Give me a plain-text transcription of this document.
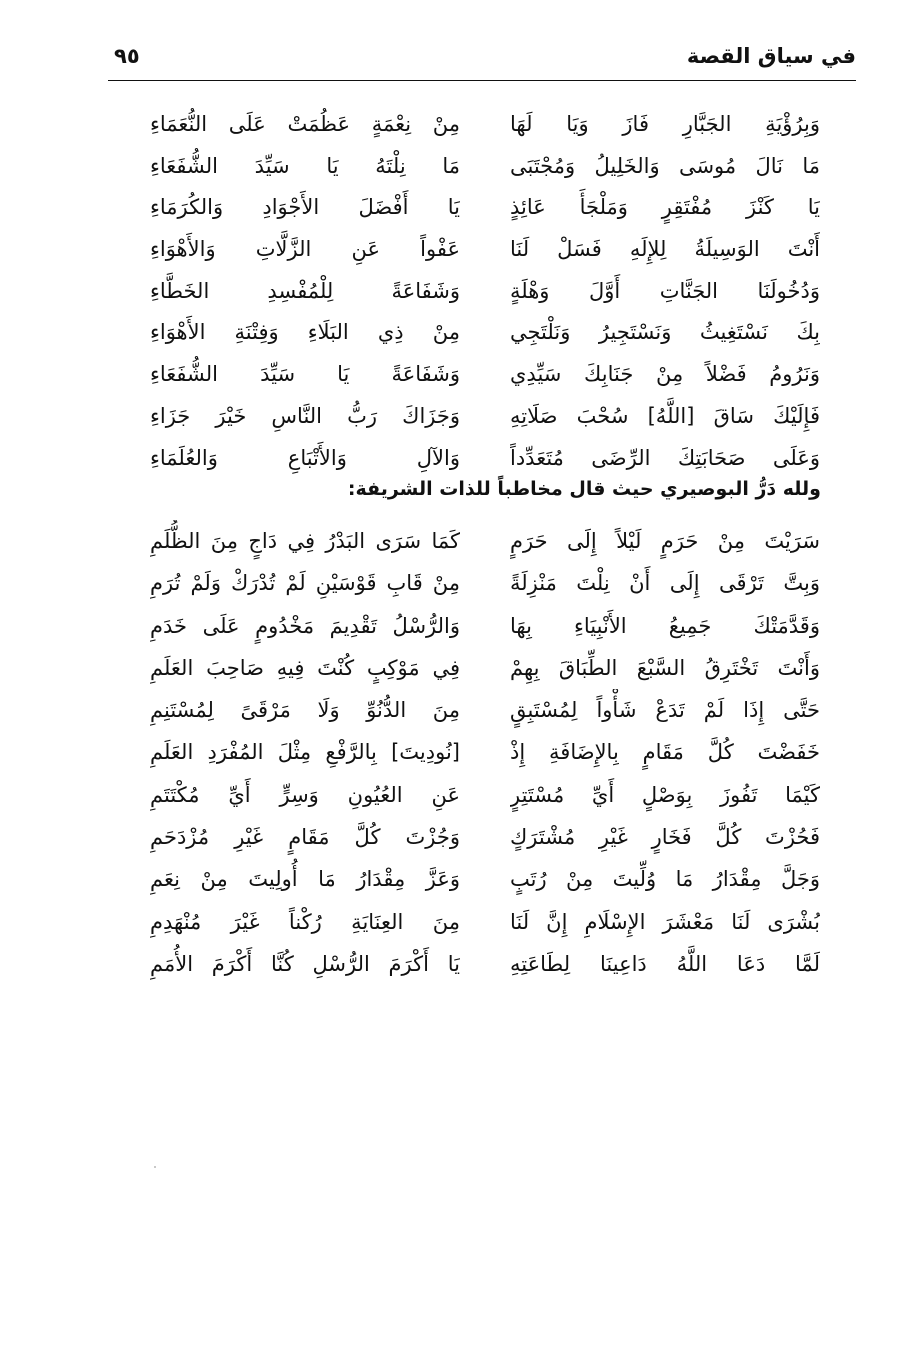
في سياق القصة
٩٥
وَبِرُؤْيَةِ الجَبَّارِ فَازَ وَيَا لَهَا
مِنْ نِعْمَةٍ عَظُمَتْ عَلَى النُّعَمَاءِ
مَا نَالَ مُوسَى وَالخَلِيلُ وَمُجْتَبَى
مَا نِلْتَهُ يَا سَيِّدَ الشُّفَعَاءِ
يَا كَنْزَ مُفْتَقِرٍ وَمَلْجَأَ عَائِذٍ
يَا أَفْضَلَ الأَجْوَادِ وَالكُرَمَاءِ
أَنْتَ الوَسِيلَةُ لِلإِلَهِ فَسَلْ لَنَا
عَفْواً عَنِ الزَّلَّاتِ وَالأَهْوَاءِ
وَدُخُولَنَا الجَنَّاتِ أَوَّلَ وَهْلَةٍ
وَشَفَاعَةً لِلْمُفْسِدِ الخَطَّاءِ
بِكَ نَسْتَغِيثُ وَنَسْتَجِيرُ وَنَلْتَجِي
مِنْ ذِي البَلَاءِ وَفِتْنَةِ الأَهْوَاءِ
وَنَرُومُ فَضْلاً مِنْ جَنَابِكَ سَيِّدِي
وَشَفَاعَةً يَا سَيِّدَ الشُّفَعَاءِ
فَإِلَيْكَ سَاقَ [اللَّهُ] سُحْبَ صَلَاتِهِ
وَجَزَاكَ رَبُّ النَّاسِ خَيْرَ جَزَاءِ
وَعَلَى صَحَابَتِكَ الرِّضَى مُتَعَدِّداً
وَالآلِ وَالأَتْبَاعِ وَالعُلَمَاءِ
ولله دَرُّ البوصيري حيث قال مخاطباً للذات الشريفة:
سَرَيْتَ مِنْ حَرَمٍ لَيْلاً إِلَى حَرَمٍ
كَمَا سَرَى البَدْرُ فِي دَاجٍ مِنَ الظُّلَمِ
وَبِتَّ تَرْقَى إِلَى أَنْ نِلْتَ مَنْزِلَةً
مِنْ قَابِ قَوْسَيْنِ لَمْ تُدْرَكْ وَلَمْ تُرَمِ
وَقَدَّمَتْكَ جَمِيعُ الأَنْبِيَاءِ بِهَا
وَالرُّسْلُ تَقْدِيمَ مَخْدُومٍ عَلَى خَدَمِ
وَأَنْتَ تَخْتَرِقُ السَّبْعَ الطِّبَاقَ بِهِمْ
فِي مَوْكِبٍ كُنْتَ فِيهِ صَاحِبَ العَلَمِ
حَتَّى إِذَا لَمْ تَدَعْ شَأْواً لِمُسْتَبِقٍ
مِنَ الدُّنُوِّ وَلَا مَرْقَىً لِمُسْتَنِمِ
خَفَضْتَ كُلَّ مَقَامٍ بِالإِضَافَةِ إِذْ
[نُودِيتَ] بِالرَّفْعِ مِثْلَ المُفْرَدِ العَلَمِ
كَيْمَا تَفُوزَ بِوَصْلٍ أَيِّ مُسْتَتِرٍ
عَنِ العُيُونِ وَسِرٍّ أَيِّ مُكْتَتَمِ
فَحُزْتَ كُلَّ فَخَارٍ غَيْرِ مُشْتَرَكٍ
وَجُزْتَ كُلَّ مَقَامٍ غَيْرِ مُزْدَحَمِ
وَجَلَّ مِقْدَارُ مَا وُلِّيتَ مِنْ رُتَبٍ
وَعَزَّ مِقْدَارُ مَا أُولِيتَ مِنْ نِعَمِ
بُشْرَى لَنَا مَعْشَرَ الإِسْلَامِ إِنَّ لَنَا
مِنَ العِنَايَةِ رُكْناً غَيْرَ مُنْهَدِمِ
لَمَّا دَعَا اللَّهُ دَاعِينَا لِطَاعَتِهِ
يَا أَكْرَمَ الرُّسْلِ كُنَّا أَكْرَمَ الأُمَمِ
